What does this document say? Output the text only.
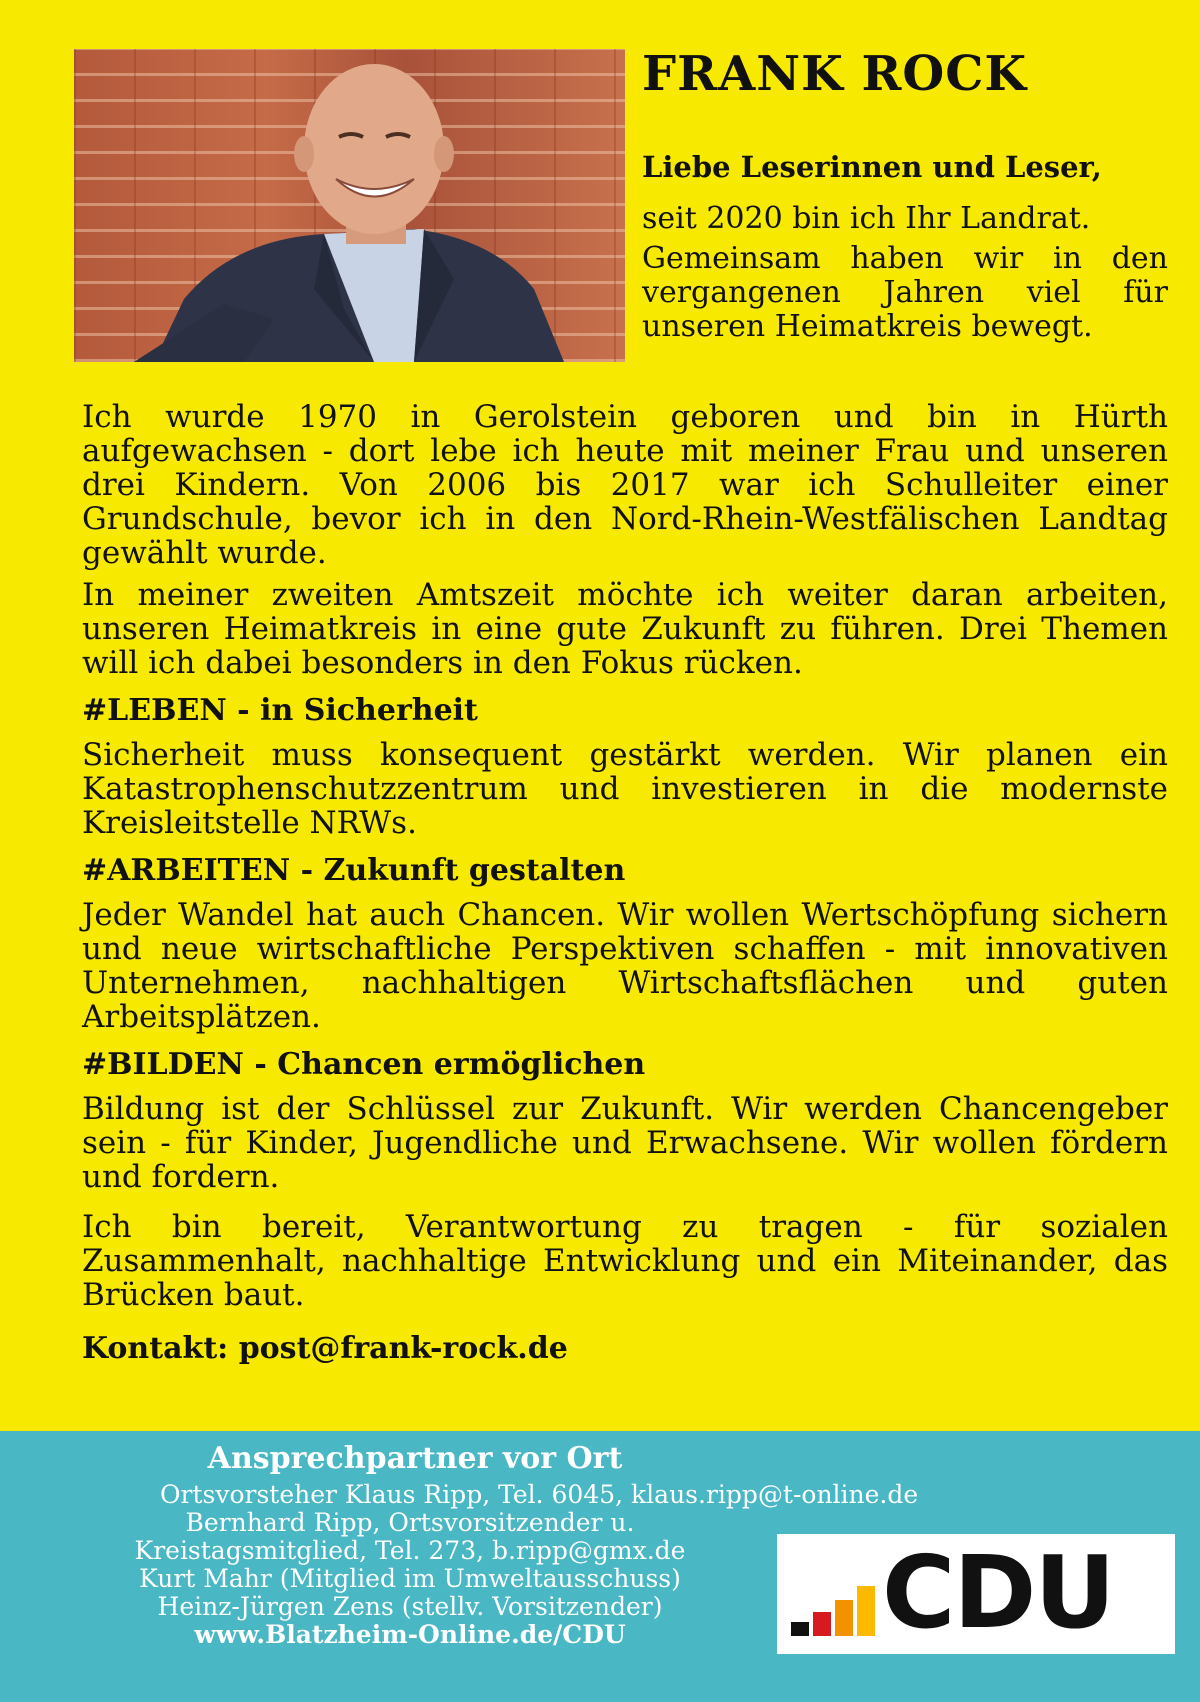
FRANK ROCK
Liebe Leserinnen und Leser,

seit 2020 bin ich Ihr Landrat.

Gemeinsam haben wir in den vergangenen Jahren viel für unseren Heimatkreis bewegt.

Ich wurde 1970 in Gerolstein geboren und bin in Hürth aufgewachsen - dort lebe ich heute mit meiner Frau und unseren drei Kindern. Von 2006 bis 2017 war ich Schulleiter einer Grundschule, bevor ich in den Nord-Rhein-Westfälischen Landtag gewählt wurde.

In meiner zweiten Amtszeit möchte ich weiter daran arbeiten, unseren Heimatkreis in eine gute Zukunft zu führen. Drei Themen will ich dabei besonders in den Fokus rücken.

#LEBEN - in Sicherheit

Sicherheit muss konsequent gestärkt werden. Wir planen ein Katastrophenschutzzentrum und investieren in die modernste Kreisleitstelle NRWs.

#ARBEITEN - Zukunft gestalten

Jeder Wandel hat auch Chancen. Wir wollen Wertschöpfung sichern und neue wirtschaftliche Perspektiven schaffen - mit innovativen Unternehmen, nachhaltigen Wirtschaftsflächen und guten Arbeitsplätzen.

#BILDEN - Chancen ermöglichen

Bildung ist der Schlüssel zur Zukunft. Wir werden Chancengeber sein - für Kinder, Jugendliche und Erwachsene. Wir wollen fördern und fordern.

Ich bin bereit, Verantwortung zu tragen - für sozialen Zusammenhalt, nachhaltige Entwicklung und ein Miteinander, das Brücken baut.

Kontakt: post@frank-rock.de

Ansprechpartner vor Ort
Ortsvorsteher Klaus Ripp, Tel. 6045, klaus.ripp@t-online.de
Bernhard Ripp, Ortsvorsitzender u.
Kreistagsmitglied, Tel. 273, b.ripp@gmx.de
Kurt Mahr (Mitglied im Umweltausschuss)
Heinz-Jürgen Zens (stellv. Vorsitzender)
www.Blatzheim-Online.de/CDU	CDU
